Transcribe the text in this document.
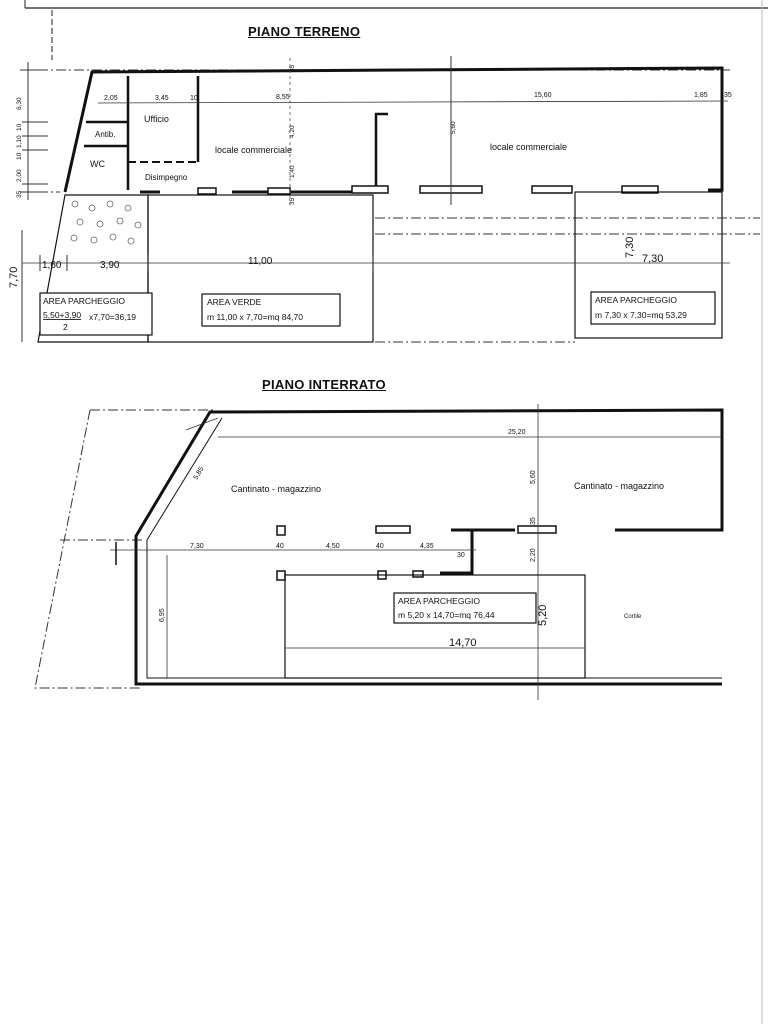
PIANO TERRENO
PIANO INTERRATO
2,05	3,45	10	8,55	15,60	1,85 35
6,30
10
1,10
10
2,00
35
35
4,20
1,40
35
5,60
Ufficio
Antib.
WC
Disimpegno
locale commerciale	locale commerciale
1,60	3,90	11,00
7,70
7,30
7,30
AREA PARCHEGGIO
5,50+3,90 x7,70=36,19
2
AREA VERDE
m 11,00 x 7,70=mq 84,70
AREA PARCHEGGIO
m 7,30 x 7,30=mq 53,29
25,20
5,85	5,60
35
7,30	40	4,50	40	4,35
30
6,95
2,20
Cantinato - magazzino	Cantinato - magazzino
Cortile
14,70
5,20
AREA PARCHEGGIO
m 5,20 x 14,70=mq 76,44
